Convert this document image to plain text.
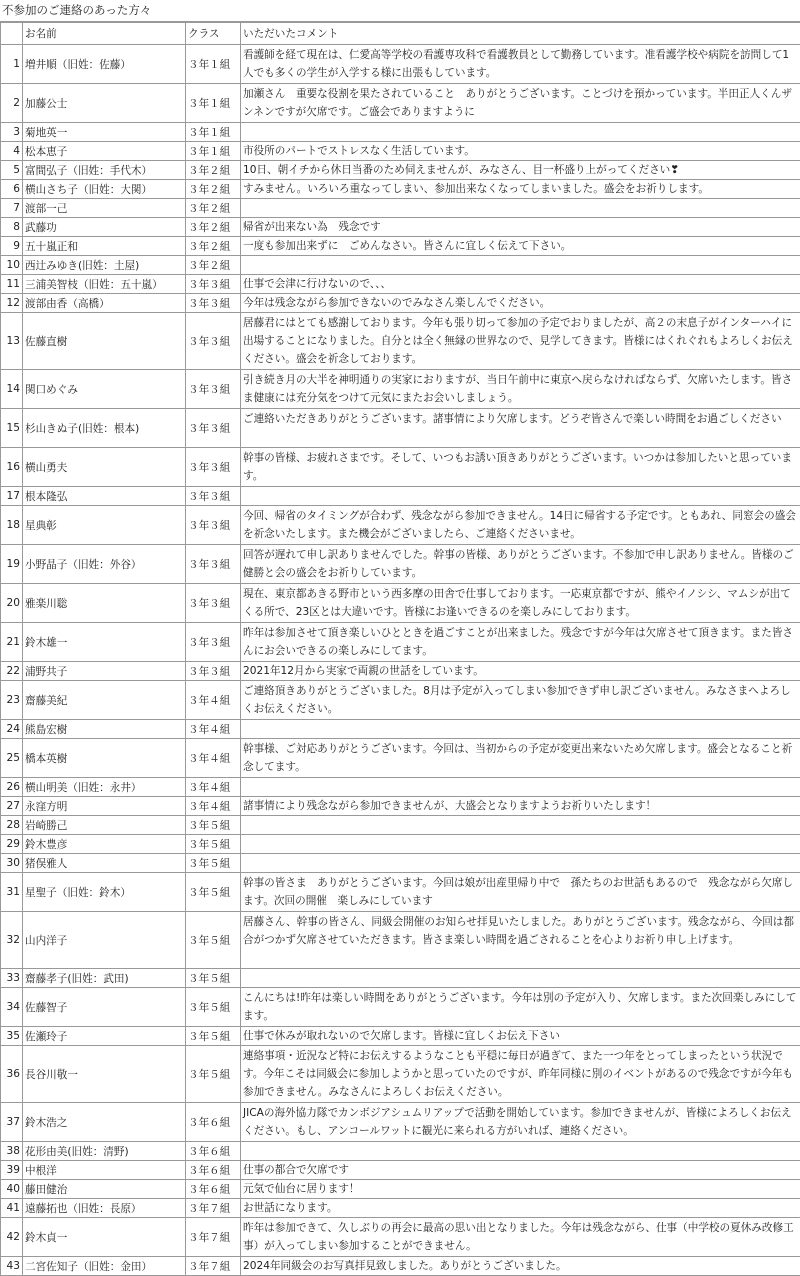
不参加のご連絡のあった方々
	お名前	クラス	いただいたコメント
1	増井順（旧姓：佐藤）	３年１組	看護師を経て現在は、仁愛高等学校の看護専攻科で看護教員として勤務しています。准看護学校や病院を訪問して1人でも多くの学生が入学する様に出張もしています。
2	加藤公士	３年１組	加瀬さん　重要な役割を果たされていること　ありがとうございます。ことづけを預かっています。半田正人くんザンネンですが欠席です。ご盛会でありますように
3	菊地英一	３年１組	
4	松本恵子	３年１組	市役所のパートでストレスなく生活しています。
5	富間弘子（旧姓：手代木）	３年２組	10日、朝イチから休日当番のため伺えませんが、みなさん、目一杯盛り上がってください❣
6	横山さち子（旧姓：大関）	３年２組	すみません。いろいろ重なってしまい、参加出来なくなってしまいました。盛会をお祈りします。
7	渡部一己	３年２組	
8	武藤功	３年２組	帰省が出来ない為　残念です
9	五十嵐正和	３年２組	一度も参加出来ずに　ごめんなさい。皆さんに宜しく伝えて下さい。
10	西辻みゆき(旧姓：土屋)	３年２組	
11	三浦美智枝（旧姓：五十嵐）	３年３組	仕事で会津に行けないので、、、
12	渡部由香（高橋）	３年３組	今年は残念ながら参加できないのでみなさん楽しんでください。
13	佐藤直樹	３年３組	居藤君にはとても感謝しております。今年も張り切って参加の予定でおりましたが、高２の末息子がインターハイに出場することになりました。自分とは全く無縁の世界なので、見学してきます。皆様にはくれぐれもよろしくお伝えください。盛会を祈念しております。
14	関口めぐみ	３年３組	引き続き月の大半を神明通りの実家におりますが、当日午前中に東京へ戻らなければならず、欠席いたします。皆さま健康には充分気をつけて元気にまたお会いしましょう。
15	杉山きぬ子(旧姓：根本)	３年３組	ご連絡いただきありがとうございます。諸事情により欠席します。どうぞ皆さんで楽しい時間をお過ごしください
16	横山勇夫	３年３組	幹事の皆様、お疲れさまです。そして、いつもお誘い頂きありがとうございます。いつかは参加したいと思っています。
17	根本隆弘	３年３組	
18	星典彰	３年３組	今回、帰省のタイミングが合わず、残念ながら参加できません。14日に帰省する予定です。ともあれ、同窓会の盛会を祈念いたします。また機会がございましたら、ご連絡くださいませ。
19	小野晶子（旧姓：外谷）	３年３組	回答が遅れて申し訳ありませんでした。幹事の皆様、ありがとうございます。不参加で申し訳ありません。皆様のご健勝と会の盛会をお祈りしています。
20	雅楽川聡	３年３組	現在、東京都あきる野市という西多摩の田舎で仕事しております。一応東京都ですが、熊やイノシシ、マムシが出てくる所で、23区とは大違いです。皆様にお逢いできるのを楽しみにしております。
21	鈴木雄一	３年３組	昨年は参加させて頂き楽しいひとときを過ごすことが出来ました。残念ですが今年は欠席させて頂きます。また皆さんにお会いできるの楽しみにしてます。
22	浦野共子	３年３組	2021年12月から実家で両親の世話をしています。
23	齋藤美紀	３年４組	ご連絡頂きありがとうございました。8月は予定が入ってしまい参加できず申し訳ございません。みなさまへよろしくお伝えください。
24	熊島宏樹	３年４組	
25	橋本英樹	３年４組	幹事様、ご対応ありがとうございます。今回は、当初からの予定が変更出来ないため欠席します。盛会となること祈念してます。
26	横山明美（旧姓：永井）	３年４組	
27	永窪方明	３年４組	諸事情により残念ながら参加できませんが、大盛会となりますようお祈りいたします！
28	岩崎勝己	３年５組	
29	鈴木豊彦	３年５組	
30	猪俣雅人	３年５組	
31	星聖子（旧姓：鈴木）	３年５組	幹事の皆さま　ありがとうございます。今回は娘が出産里帰り中で　孫たちのお世話もあるので　残念ながら欠席します。次回の開催　楽しみにしています
32	山内洋子	３年５組	居藤さん、幹事の皆さん、同級会開催のお知らせ拝見いたしました。ありがとうございます。残念ながら、今回は都合がつかず欠席させていただきます。皆さま楽しい時間を過ごされることを心よりお祈り申し上げます。
33	齋藤孝子(旧姓：武田)	３年５組	
34	佐藤智子	３年５組	こんにちは!昨年は楽しい時間をありがとうございます。今年は別の予定が入り、欠席します。また次回楽しみにしてます。
35	佐瀬玲子	３年５組	仕事で休みが取れないので欠席します。皆様に宜しくお伝え下さい
36	長谷川敬一	３年５組	連絡事項・近況など特にお伝えするようなことも平穏に毎日が過ぎて、また一つ年をとってしまったという状況です。今年こそは同級会に参加しようかと思っていたのですが、昨年同様に別のイベントがあるので残念ですが今年も参加できません。みなさんによろしくお伝えください。
37	鈴木浩之	３年６組	JICAの海外協力隊でカンボジアシュムリアップで活動を開始しています。参加できませんが、皆様によろしくお伝えください。もし、アンコールワットに観光に来られる方がいれば、連絡ください。
38	花形由美(旧姓：清野)	３年６組	
39	中根洋	３年６組	仕事の都合で欠席です
40	藤田健治	３年６組	元気で仙台に居ります！
41	遠藤拓也（旧姓：長原）	３年７組	お世話になります。
42	鈴木貞一	３年７組	昨年は参加できて、久しぶりの再会に最高の思い出となりました。今年は残念ながら、仕事（中学校の夏休み改修工事）が入ってしまい参加することができません。
43	二宮佐知子（旧姓：金田）	３年７組	2024年同級会のお写真拝見致しました。ありがとうございました。
